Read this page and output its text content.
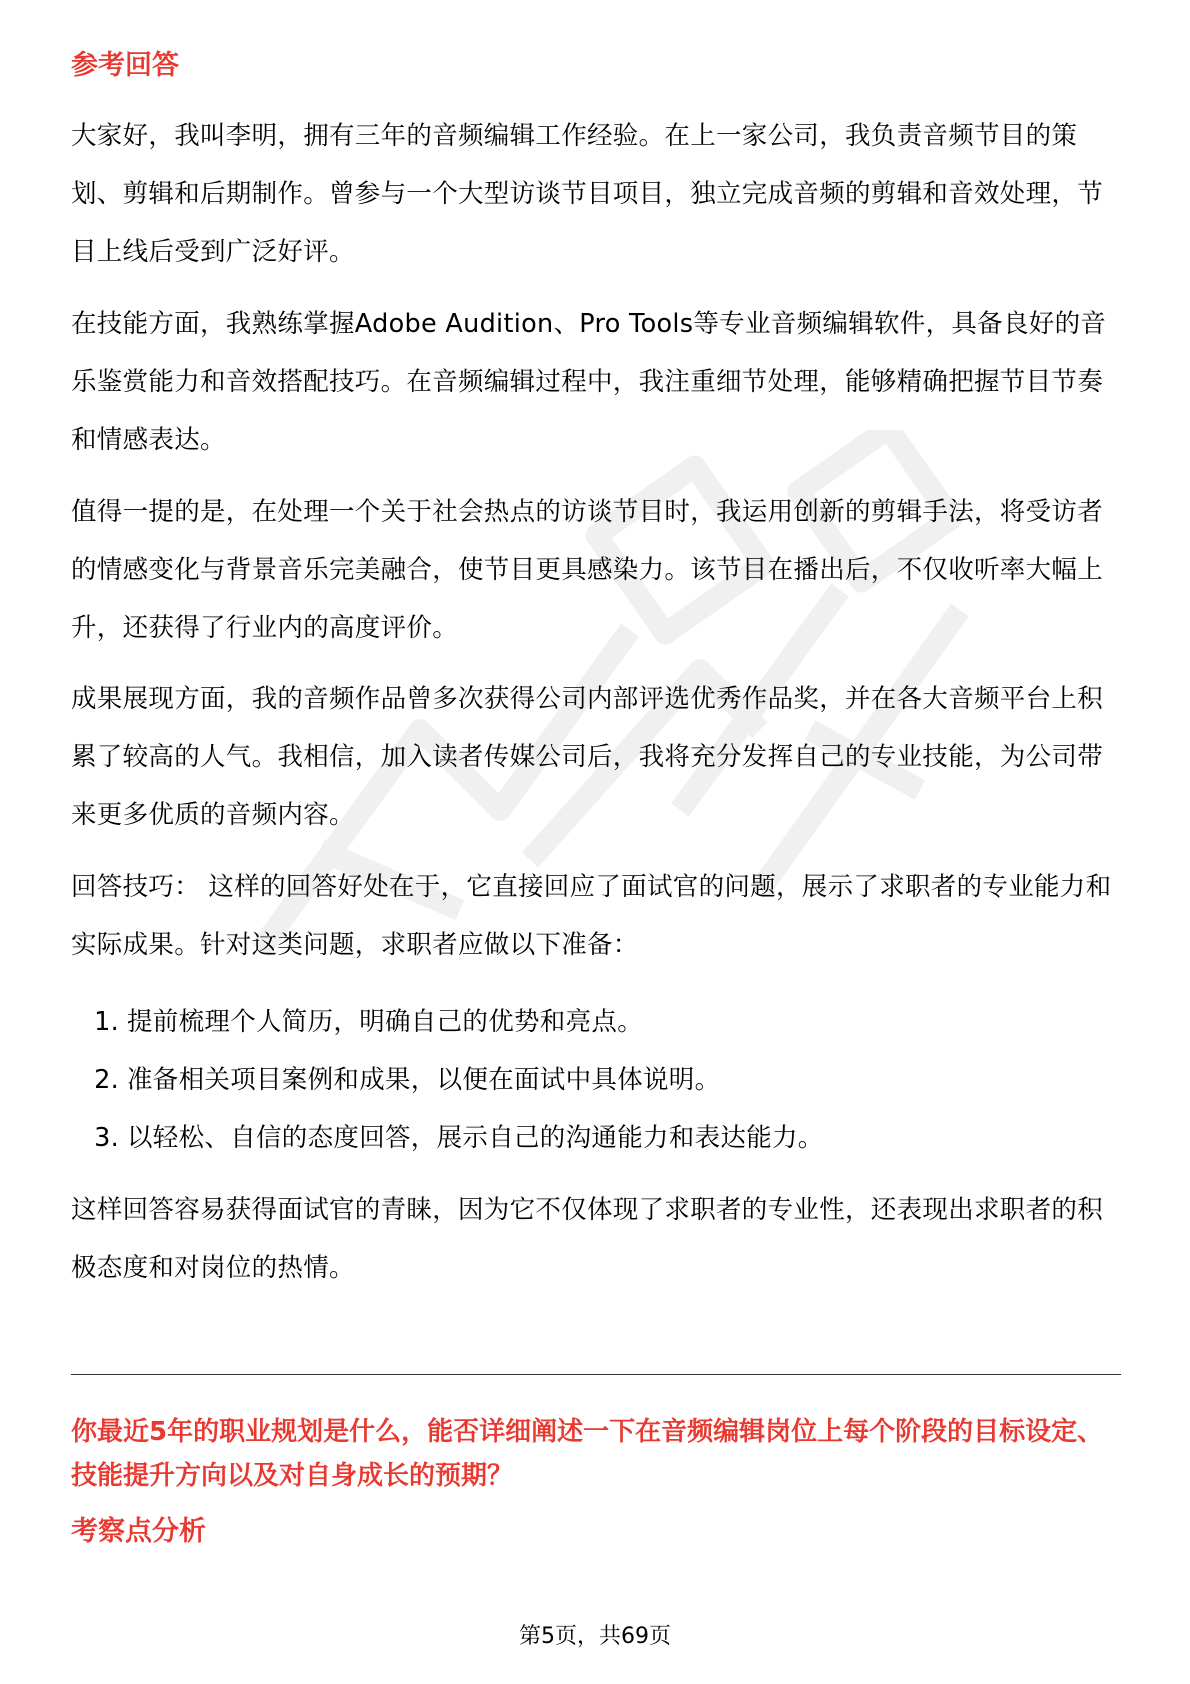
参考回答
大家好，我叫李明，拥有三年的音频编辑工作经验。在上一家公司，我负责音频节目的策划、剪辑和后期制作。曾参与一个大型访谈节目项目，独立完成音频的剪辑和音效处理，节目上线后受到广泛好评。
在技能方面，我熟练掌握Adobe Audition、Pro Tools等专业音频编辑软件，具备良好的音乐鉴赏能力和音效搭配技巧。在音频编辑过程中，我注重细节处理，能够精确把握节目节奏和情感表达。
值得一提的是，在处理一个关于社会热点的访谈节目时，我运用创新的剪辑手法，将受访者的情感变化与背景音乐完美融合，使节目更具感染力。该节目在播出后，不仅收听率大幅上升，还获得了行业内的高度评价。
成果展现方面，我的音频作品曾多次获得公司内部评选优秀作品奖，并在各大音频平台上积累了较高的人气。我相信，加入读者传媒公司后，我将充分发挥自己的专业技能，为公司带来更多优质的音频内容。
回答技巧： 这样的回答好处在于，它直接回应了面试官的问题，展示了求职者的专业能力和实际成果。针对这类问题，求职者应做以下准备：
1. 提前梳理个人简历，明确自己的优势和亮点。
2. 准备相关项目案例和成果，以便在面试中具体说明。
3. 以轻松、自信的态度回答，展示自己的沟通能力和表达能力。
这样回答容易获得面试官的青睐，因为它不仅体现了求职者的专业性，还表现出求职者的积极态度和对岗位的热情。
你最近5年的职业规划是什么，能否详细阐述一下在音频编辑岗位上每个阶段的目标设定、技能提升方向以及对自身成长的预期？
考察点分析
第5页，共69页
